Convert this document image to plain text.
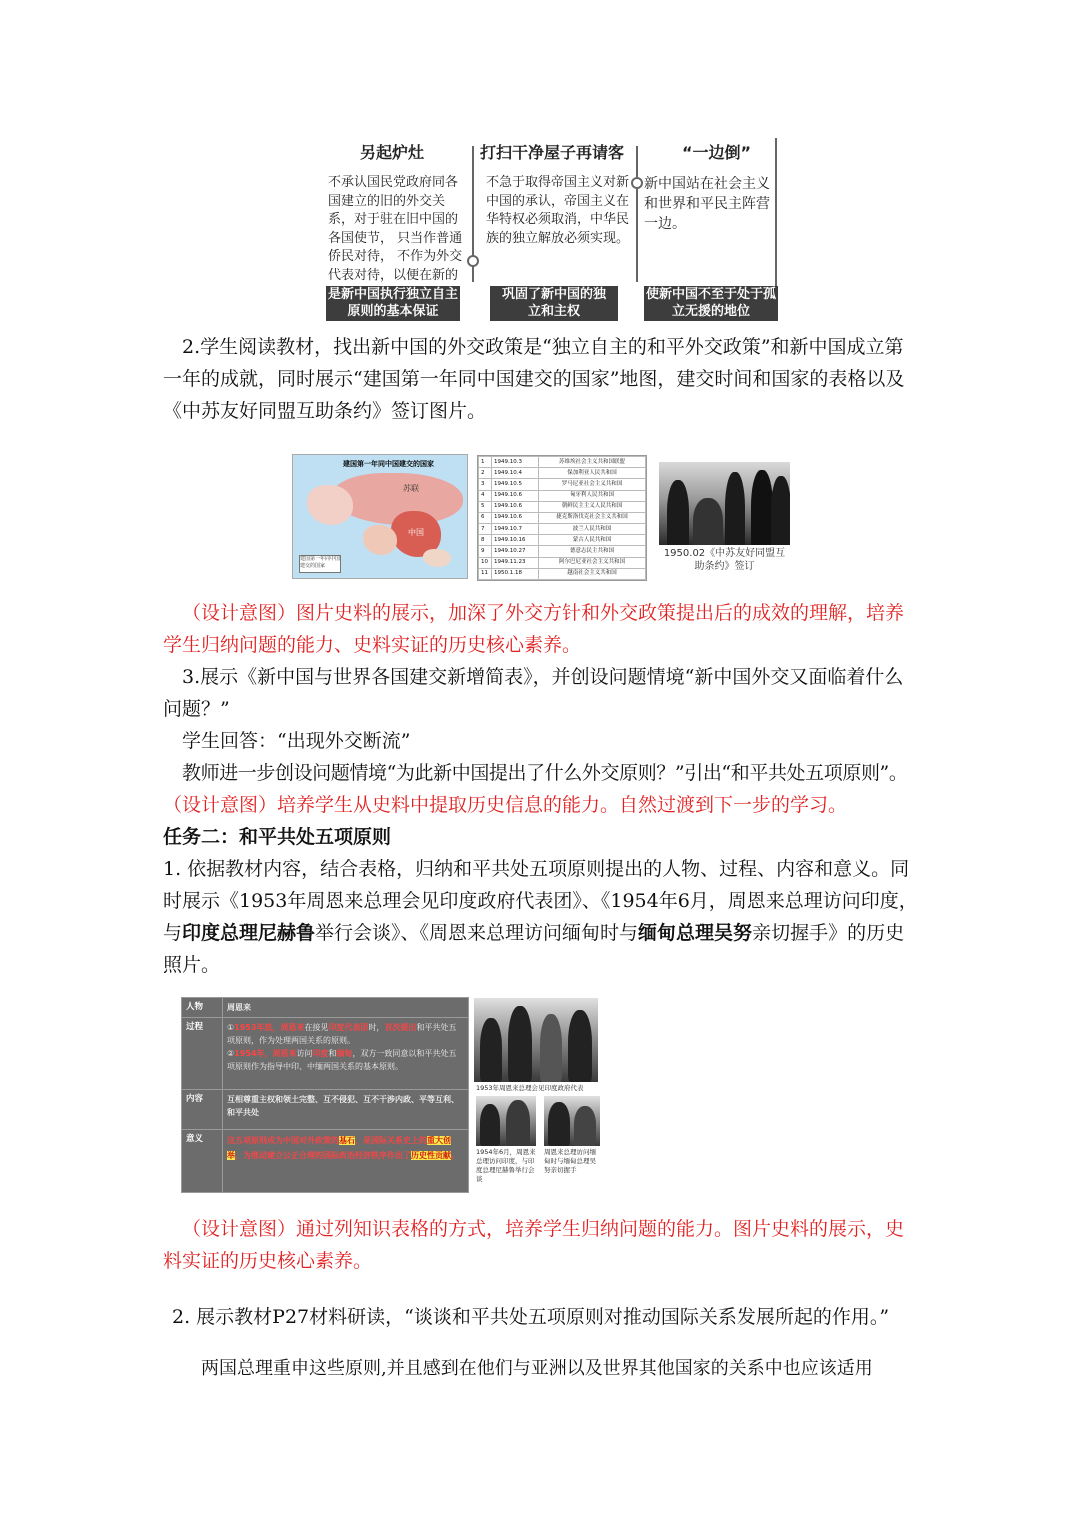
另起炉灶	打扫干净屋子再请客	“一边倒”
不承认国民党政府同各国建立的旧的外交关系，对于驻在旧中国的各国使节， 只当作普通侨民对待， 不作为外交代表对待，以便在新的
不急于取得帝国主义对新中国的承认，帝国主义在华特权必须取消，中华民族的独立解放必须实现。
新中国站在社会主义和世界和平民主阵营一边。
是新中国执行独立自主原则的基本保证
巩固了新中国的独立和主权
使新中国不至于处于孤立无援的地位

2.学生阅读教材，找出新中国的外交政策是“独立自主的和平外交政策”和新中国成立第一年的成就，同时展示“建国第一年同中国建交的国家”地图，建交时间和国家的表格以及《中苏友好同盟互助条约》签订图片。

建国第一年同中国建交的国家
苏联
中国
建国第一年同中国建交的国家
1	1949.10.3	苏维埃社会主义共和国联盟
2	1949.10.4	保加利亚人民共和国
3	1949.10.5	罗马尼亚社会主义共和国
4	1949.10.6	匈牙利人民共和国
5	1949.10.6	朝鲜民主主义人民共和国
6	1949.10.6	捷克斯洛伐克社会主义共和国
7	1949.10.7	波兰人民共和国
8	1949.10.16	蒙古人民共和国
9	1949.10.27	德意志民主共和国
10	1949.11.23	阿尔巴尼亚社会主义共和国
11	1950.1.18	越南社会主义共和国
1950.02《中苏友好同盟互助条约》签订

（设计意图）图片史料的展示，加深了外交方针和外交政策提出后的成效的理解，培养学生归纳问题的能力、史料实证的历史核心素养。

3.展示《新中国与世界各国建交新增简表》，并创设问题情境“新中国外交又面临着什么问题？”

学生回答：“出现外交断流”

教师进一步创设问题情境“为此新中国提出了什么外交原则？”引出“和平共处五项原则”。

（设计意图）培养学生从史料中提取历史信息的能力。自然过渡到下一步的学习。

任务二：和平共处五项原则

1. 依据教材内容，结合表格，归纳和平共处五项原则提出的人物、过程、内容和意义。同时展示《1953年周恩来总理会见印度政府代表团》、《1954年6月，周恩来总理访问印度，与印度总理尼赫鲁举行会谈》、《周恩来总理访问缅甸时与缅甸总理吴努亲切握手》的历史照片。

人物	周恩来
过程	①1953年底，周恩来在接见印度代表团时，首次提出和平共处五项原则，作为处理两国关系的原则。
②1954年，周恩来访问印度和缅甸，双方一致同意以和平共处五项原则作为指导中印、中缅两国关系的基本原则。
内容	互相尊重主权和领土完整、互不侵犯、互不干涉内政、平等互利、和平共处
意义	这五项原则成为中国对外政策的基石，是国际关系史上的重大创举，为推动建立公正合理的国际政治经济秩序作出了历史性贡献。
1953年周恩来总理会见印度政府代表
1954年6月，周恩来总理访问印度，与印度总理尼赫鲁举行会谈
周恩来总理访问缅甸时与缅甸总理吴努亲切握手

（设计意图）通过列知识表格的方式，培养学生归纳问题的能力。图片史料的展示，史料实证的历史核心素养。

2. 展示教材P27材料研读，“谈谈和平共处五项原则对推动国际关系发展所起的作用。”

两国总理重申这些原则,并且感到在他们与亚洲以及世界其他国家的关系中也应该适用
